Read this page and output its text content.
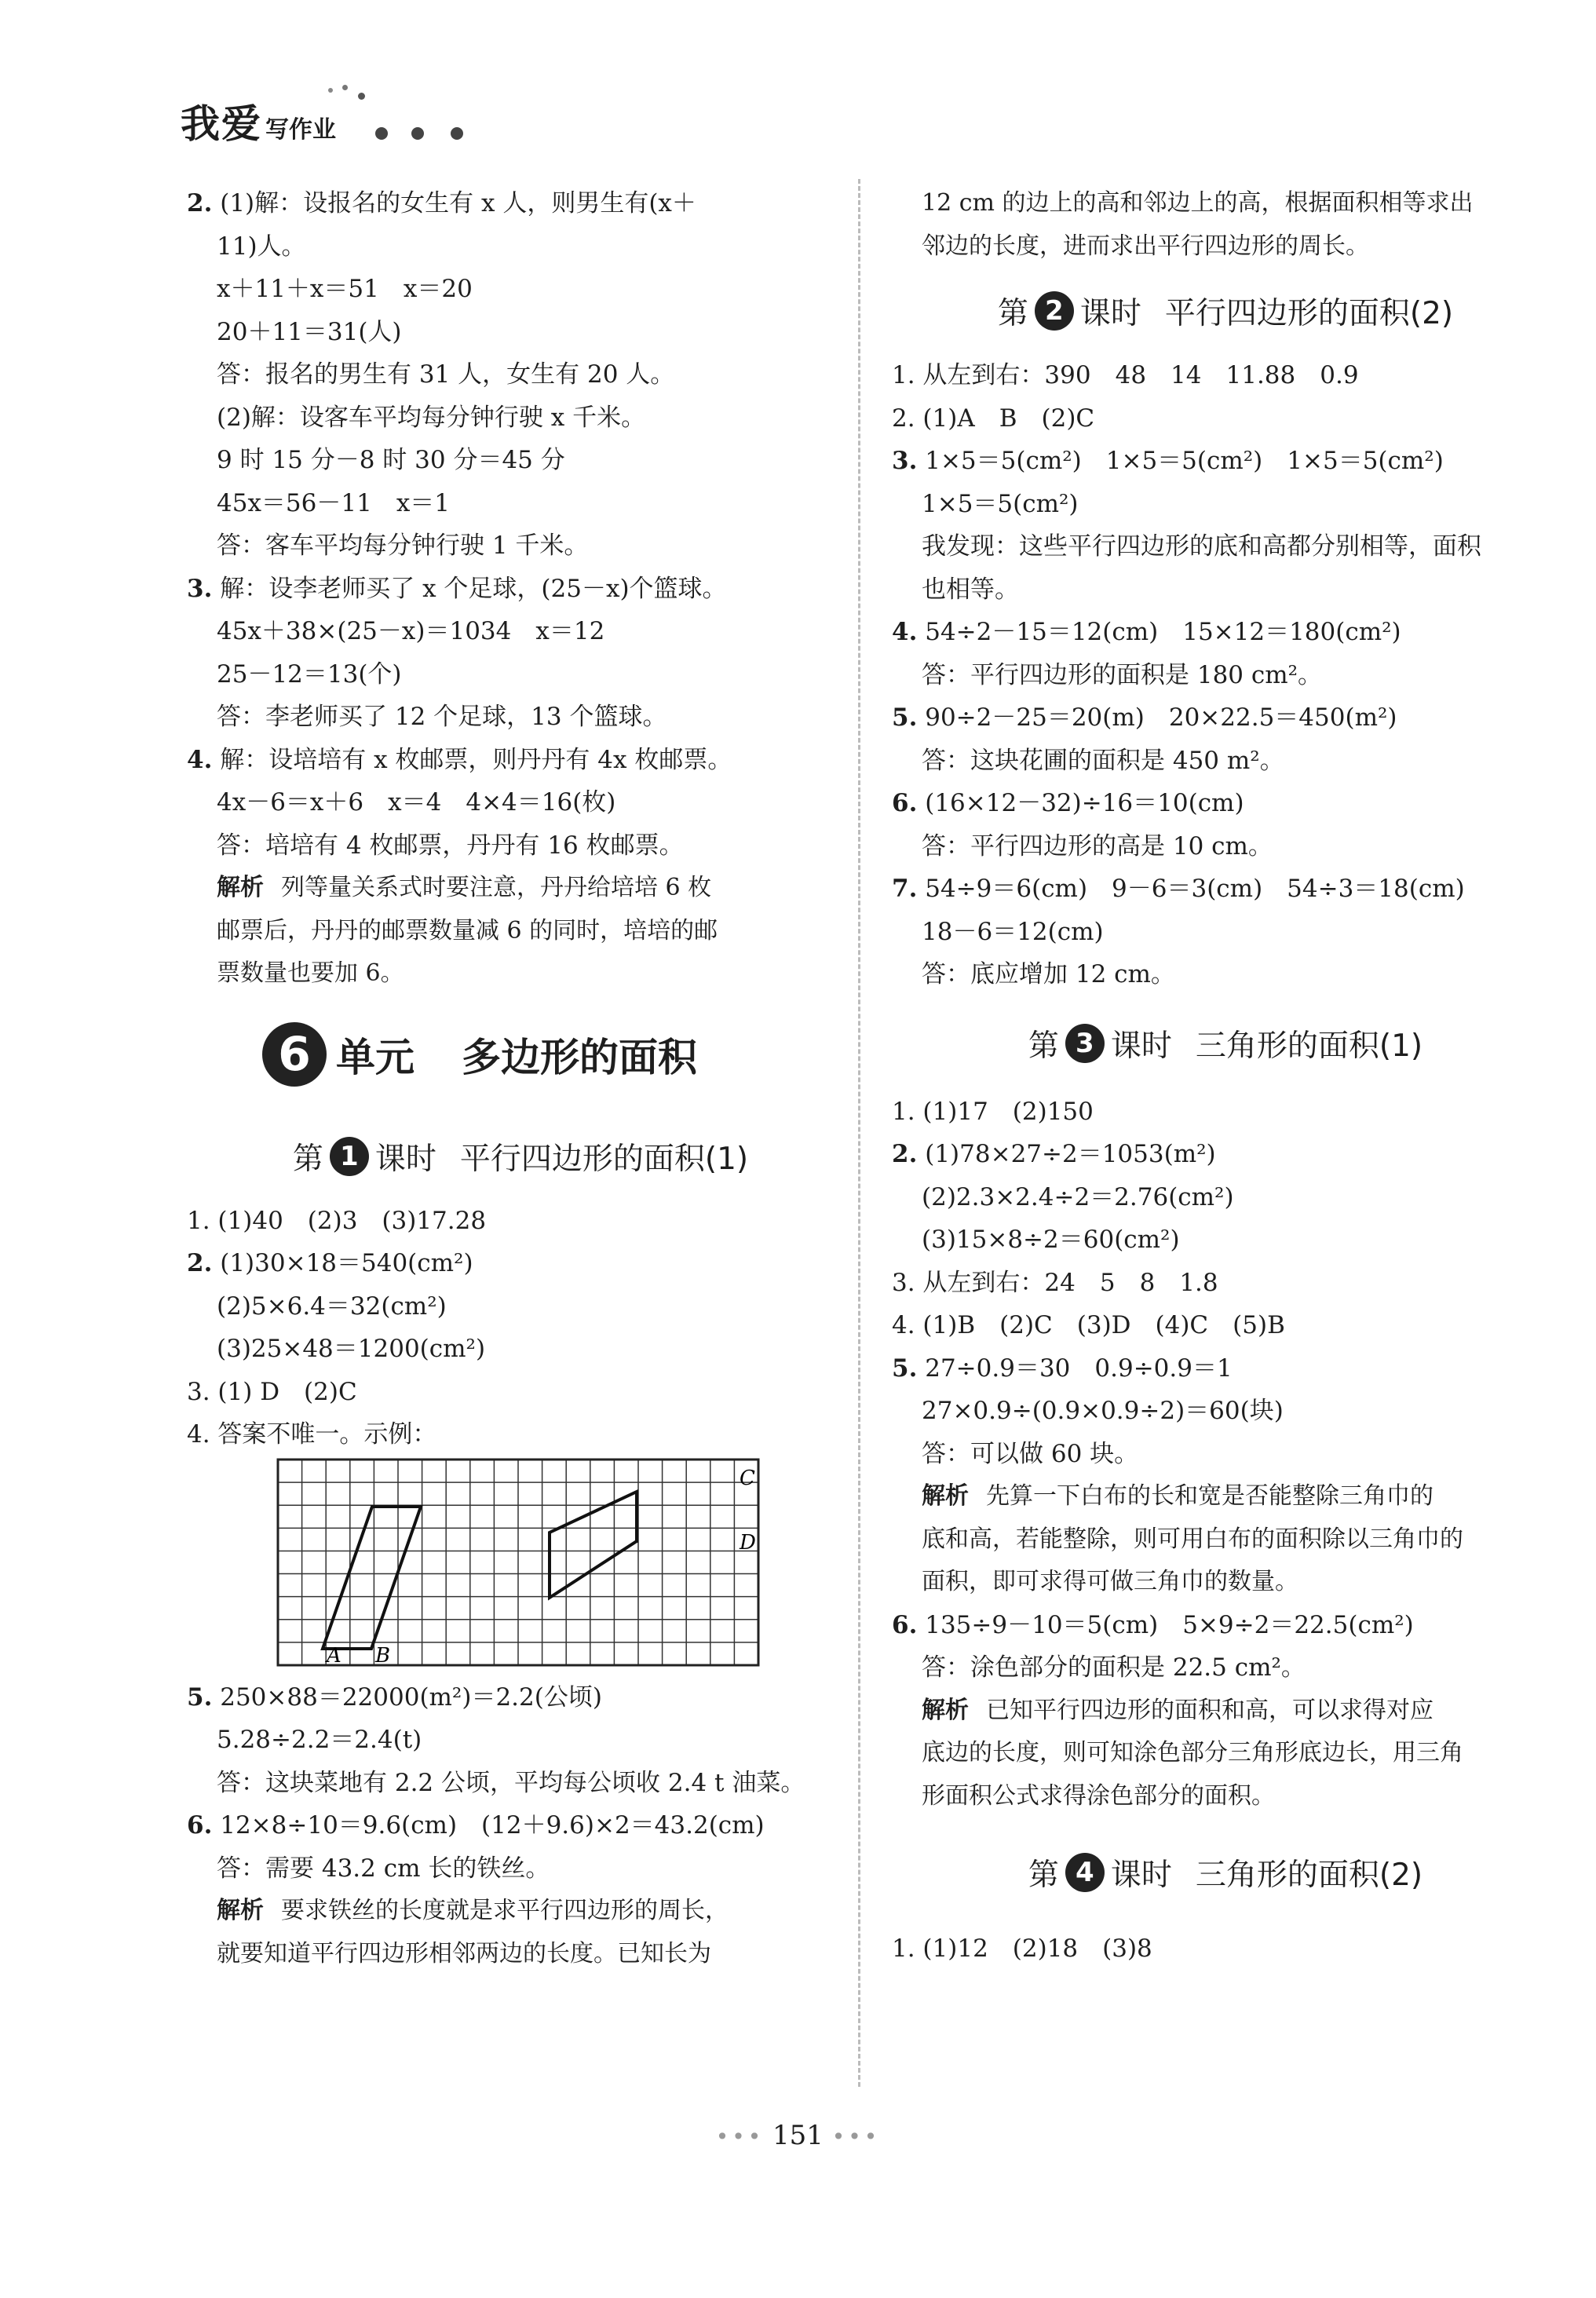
我爱 写作业
2. (1)解：设报名的女生有 x 人，则男生有(x＋
11)人。
x＋11＋x＝51　x＝20
20＋11＝31(人)
答：报名的男生有 31 人，女生有 20 人。
(2)解：设客车平均每分钟行驶 x 千米。
9 时 15 分－8 时 30 分＝45 分
45x＝56－11　x＝1
答：客车平均每分钟行驶 1 千米。
3. 解：设李老师买了 x 个足球，(25－x)个篮球。
45x＋38×(25－x)＝1034　x＝12
25－12＝13(个)
答：李老师买了 12 个足球，13 个篮球。
4. 解：设培培有 x 枚邮票，则丹丹有 4x 枚邮票。
4x－6＝x＋6　x＝4　4×4＝16(枚)
答：培培有 4 枚邮票，丹丹有 16 枚邮票。
解析 列等量关系式时要注意，丹丹给培培 6 枚
邮票后，丹丹的邮票数量减 6 的同时，培培的邮
票数量也要加 6。
6 单元 多边形的面积
第 1 课时 平行四边形的面积(1)
1. (1)40　(2)3　(3)17.28
2. (1)30×18＝540(cm²)
(2)5×6.4＝32(cm²)
(3)25×48＝1200(cm²)
3. (1) D　(2)C
4. 答案不唯一。示例：
A B
C
D
5. 250×88＝22000(m²)＝2.2(公顷)
5.28÷2.2＝2.4(t)
答：这块菜地有 2.2 公顷，平均每公顷收 2.4 t 油菜。
6. 12×8÷10＝9.6(cm)　(12＋9.6)×2＝43.2(cm)
答：需要 43.2 cm 长的铁丝。
解析 要求铁丝的长度就是求平行四边形的周长，
就要知道平行四边形相邻两边的长度。已知长为
12 cm 的边上的高和邻边上的高，根据面积相等求出
邻边的长度，进而求出平行四边形的周长。
第 2 课时 平行四边形的面积(2)
1. 从左到右：390　48　14　11.88　0.9
2. (1)A　B　(2)C
3. 1×5＝5(cm²)　1×5＝5(cm²)　1×5＝5(cm²)
1×5＝5(cm²)
我发现：这些平行四边形的底和高都分别相等，面积
也相等。
4. 54÷2－15＝12(cm)　15×12＝180(cm²)
答：平行四边形的面积是 180 cm²。
5. 90÷2－25＝20(m)　20×22.5＝450(m²)
答：这块花圃的面积是 450 m²。
6. (16×12－32)÷16＝10(cm)
答：平行四边形的高是 10 cm。
7. 54÷9＝6(cm)　9－6＝3(cm)　54÷3＝18(cm)
18－6＝12(cm)
答：底应增加 12 cm。
第 3 课时 三角形的面积(1)
1. (1)17　(2)150
2. (1)78×27÷2＝1053(m²)
(2)2.3×2.4÷2＝2.76(cm²)
(3)15×8÷2＝60(cm²)
3. 从左到右：24　5　8　1.8
4. (1)B　(2)C　(3)D　(4)C　(5)B
5. 27÷0.9＝30　0.9÷0.9＝1
27×0.9÷(0.9×0.9÷2)＝60(块)
答：可以做 60 块。
解析 先算一下白布的长和宽是否能整除三角巾的
底和高，若能整除，则可用白布的面积除以三角巾的
面积，即可求得可做三角巾的数量。
6. 135÷9－10＝5(cm)　5×9÷2＝22.5(cm²)
答：涂色部分的面积是 22.5 cm²。
解析 已知平行四边形的面积和高，可以求得对应
底边的长度，则可知涂色部分三角形底边长，用三角
形面积公式求得涂色部分的面积。
第 4 课时 三角形的面积(2)
1. (1)12　(2)18　(3)8
••• 151 •••
